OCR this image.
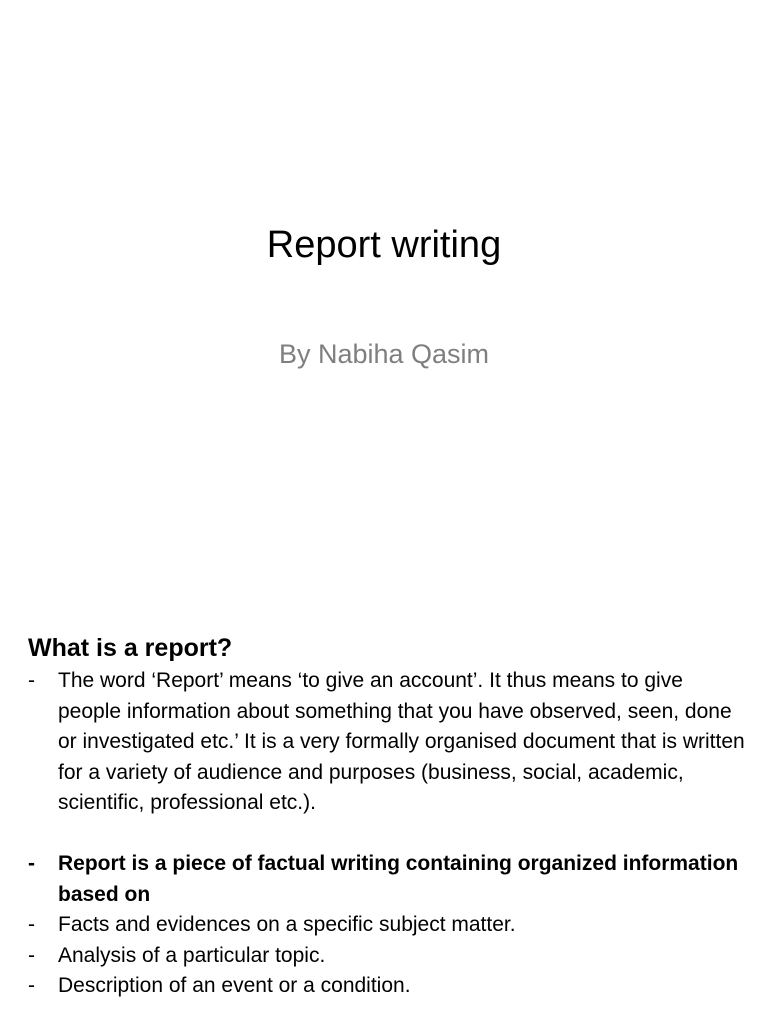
Report writing
By Nabiha Qasim
What is a report?
- The word ‘Report’ means ‘to give an account’. It thus means to give people information about something that you have observed, seen, done or investigated etc.’ It is a very formally organised document that is written for a variety of audience and purposes (business, social, academic, scientific, professional etc.).
- Report is a piece of factual writing containing organized information based on
- Facts and evidences on a specific subject matter.
- Analysis of a particular topic.
- Description of an event or a condition.
